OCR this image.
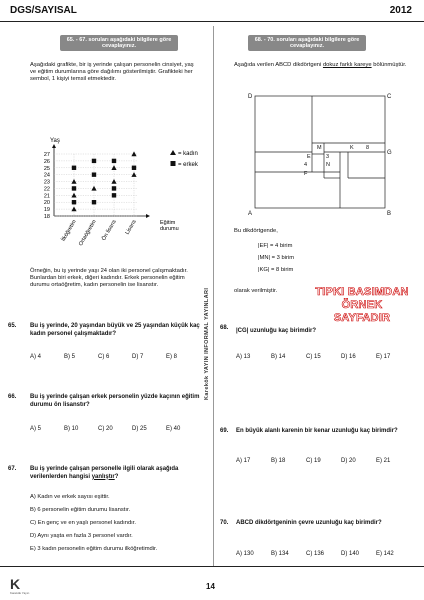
DGS/SAYISAL	2012
Karekök YAYIN INFORMAL YAYINLARI
65. - 67. soruları aşağıdaki bilgilere göre cevaplayınız.
Aşağıdaki grafikte, bir iş yerinde çalışan personelin cinsiyet, yaş ve eğitim durumlarına göre dağılımı gösterilmiştir. Grafikteki her sembol, 1 kişiyi temsil etmektedir.
Yaş
18
19
20
21
22
23
24
25
26
27
İlköğretim Ortaöğretim Ön lisans Lisans	Eğitim durumu
= kadın
= erkek
Örneğin, bu iş yerinde yaşı 24 olan iki personel çalışmaktadır. Bunlardan biri erkek, diğeri kadındır. Erkek personelin eğitim durumu ortaöğretim, kadın personelin ise lisanstır.
65. Bu iş yerinde, 20 yaşından büyük ve 25 yaşından küçük kaç kadın personel çalışmaktadır?
A) 4	B) 5	C) 6	D) 7	E) 8
66. Bu iş yerinde çalışan erkek personelin yüzde kaçının eğitim durumu ön lisanstır?
A) 5	B) 10	C) 20	D) 25	E) 40
67. Bu iş yerinde çalışan personelle ilgili olarak aşağıda verilenlerden hangisi yanlıştır?
A) Kadın ve erkek sayısı eşittir.
B) 6 personelin eğitim durumu lisanstır.
C) En genç ve en yaşlı personel kadındır.
D) Aynı yaşta en fazla 3 personel vardır.
E) 3 kadın personelin eğitim durumu ilköğretimdir.
68. - 70. soruları aşağıdaki bilgilere göre cevaplayınız.
Aşağıda verilen ABCD dikdörtgeni dokuz farklı kareye bölünmüştür.
D	C
A	B
G
M	K 8
3
N
E
4
F
Bu dikdörtgende,
|EF| = 4 birim
|MN| = 3 birim
|KG| = 8 birim
olarak verilmiştir.	TIPKI BASIMDAN
ÖRNEK SAYFADIR
68. |CG| uzunluğu kaç birimdir?
A) 13	B) 14	C) 15	D) 16	E) 17
69. En büyük alanlı karenin bir kenar uzunluğu kaç birimdir?
A) 17	B) 18	C) 19	D) 20	E) 21
70. ABCD dikdörtgeninin çevre uzunluğu kaç birimdir?
A) 130	B) 134	C) 136	D) 140	E) 142
K
Karekök Yayın
14
